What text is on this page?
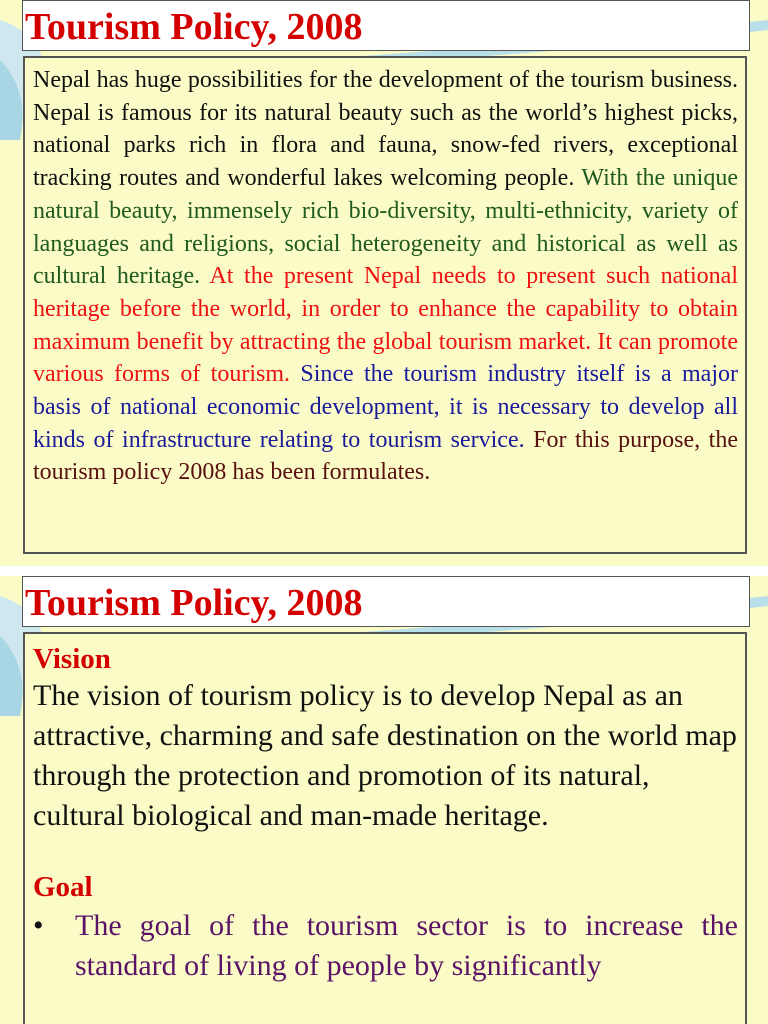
Tourism Policy, 2008

Nepal has huge possibilities for the development of the tourism business. Nepal is famous for its natural beauty such as the world’s highest picks, national parks rich in flora and fauna, snow-fed rivers, exceptional tracking routes and wonderful lakes welcoming people. With the unique natural beauty, immensely rich bio-diversity, multi-ethnicity, variety of languages and religions, social heterogeneity and historical as well as cultural heritage. At the present Nepal needs to present such national heritage before the world, in order to enhance the capability to obtain maximum benefit by attracting the global tourism market. It can promote various forms of tourism. Since the tourism industry itself is a major basis of national economic development, it is necessary to develop all kinds of infrastructure relating to tourism service. For this purpose, the tourism policy 2008 has been formulates.

Tourism Policy, 2008

Vision

The vision of tourism policy is to develop Nepal as an attractive, charming and safe destination on the world map through the protection and promotion of its natural, cultural biological and man-made heritage.

Goal

• The goal of the tourism sector is to increase the standard of living of people by significantly
